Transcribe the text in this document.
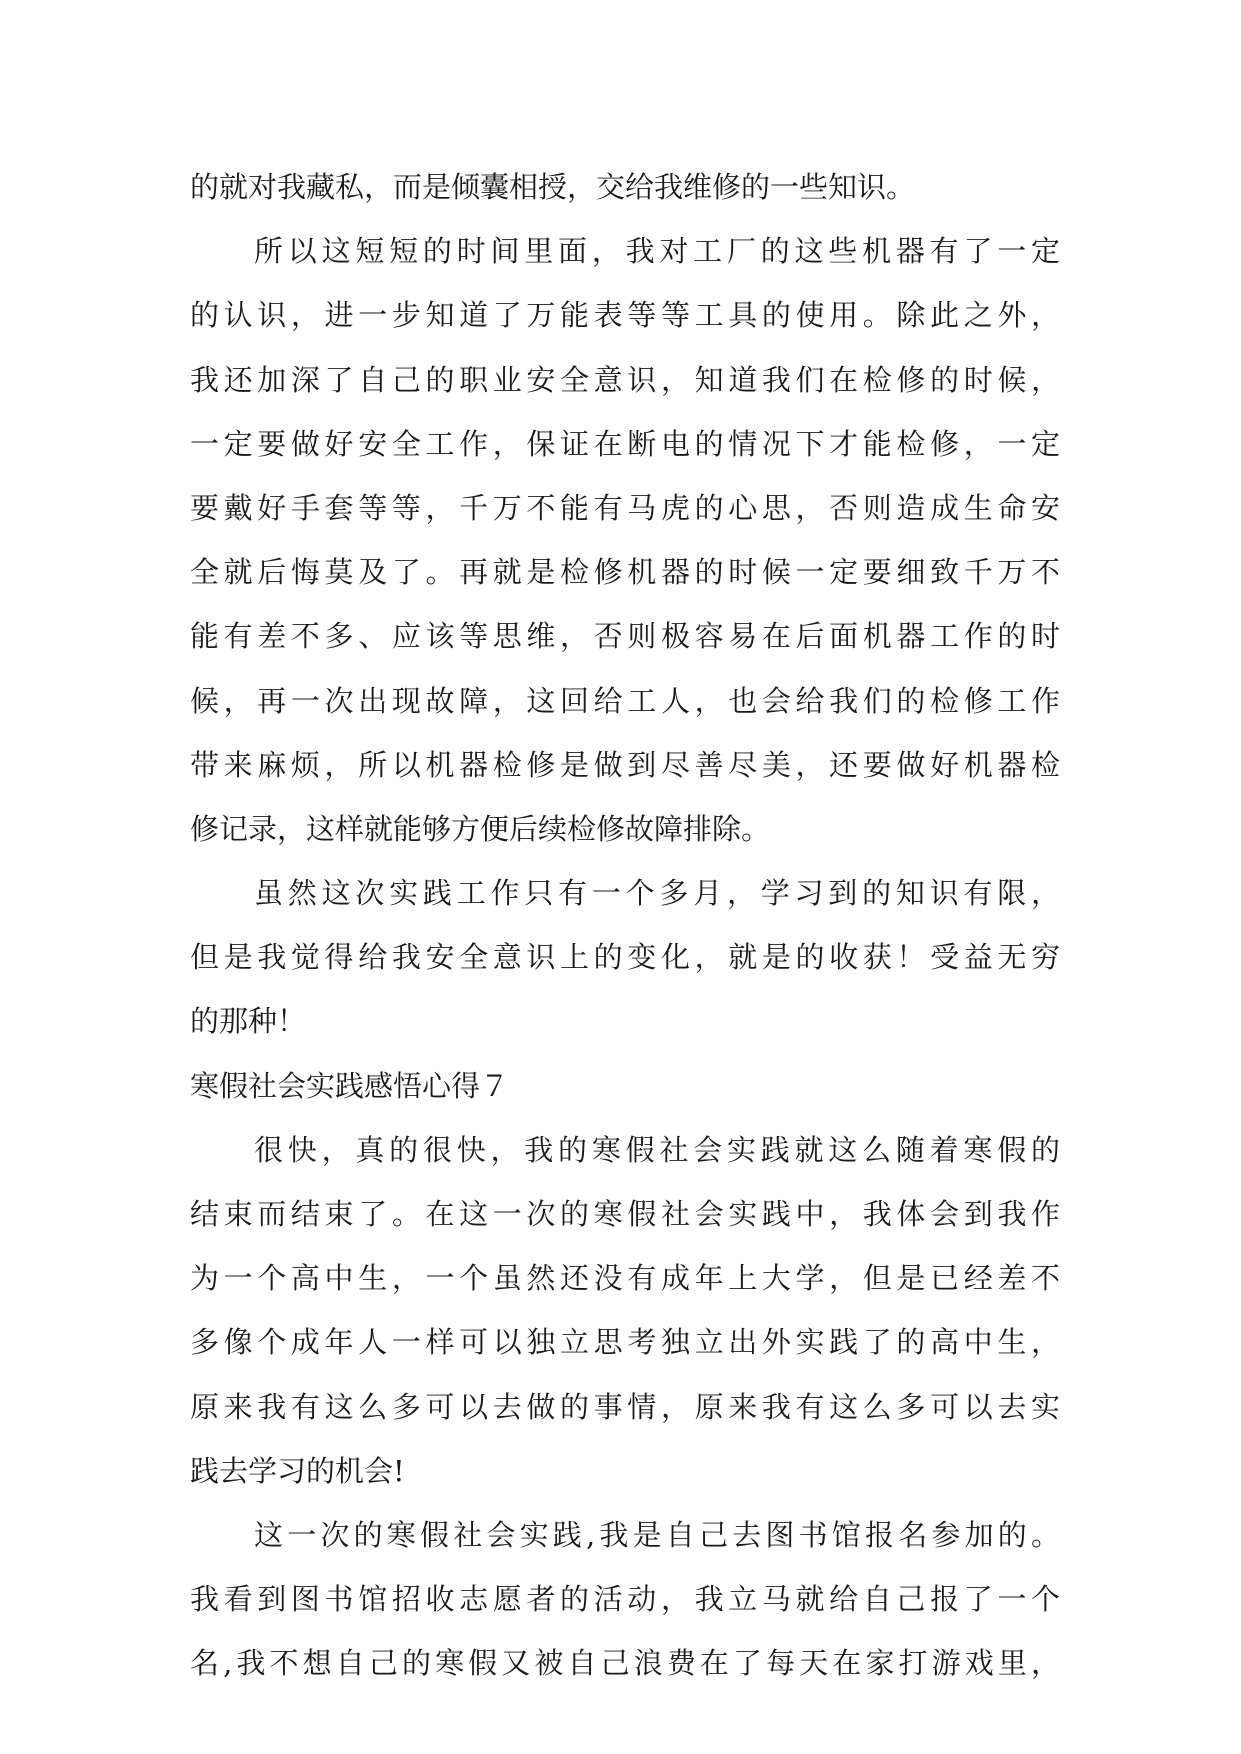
的就对我藏私，而是倾囊相授，交给我维修的一些知识。
所以这短短的时间里面，我对工厂的这些机器有了一定
的认识，进一步知道了万能表等等工具的使用。除此之外，
我还加深了自己的职业安全意识，知道我们在检修的时候，
一定要做好安全工作，保证在断电的情况下才能检修，一定
要戴好手套等等，千万不能有马虎的心思，否则造成生命安
全就后悔莫及了。再就是检修机器的时候一定要细致千万不
能有差不多、应该等思维，否则极容易在后面机器工作的时
候，再一次出现故障，这回给工人，也会给我们的检修工作
带来麻烦，所以机器检修是做到尽善尽美，还要做好机器检
修记录，这样就能够方便后续检修故障排除。
虽然这次实践工作只有一个多月，学习到的知识有限，
但是我觉得给我安全意识上的变化，就是的收获！受益无穷
的那种！
寒假社会实践感悟心得７
很快，真的很快，我的寒假社会实践就这么随着寒假的
结束而结束了。在这一次的寒假社会实践中，我体会到我作
为一个高中生，一个虽然还没有成年上大学，但是已经差不
多像个成年人一样可以独立思考独立出外实践了的高中生，
原来我有这么多可以去做的事情，原来我有这么多可以去实
践去学习的机会!
这一次的寒假社会实践,我是自己去图书馆报名参加的。
我看到图书馆招收志愿者的活动，我立马就给自己报了一个
名,我不想自己的寒假又被自己浪费在了每天在家打游戏里，
